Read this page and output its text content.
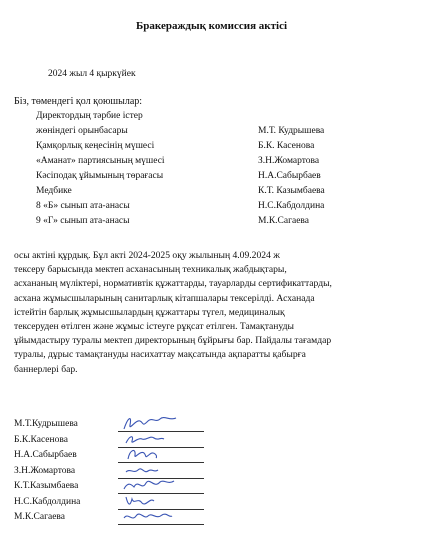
Бракераждық комиссия актісі
2024 жыл 4 қыркүйек
Біз, төмендегі қол қоюшылар:
Директордың тәрбие істер
жөніндегі орынбасары	М.Т. Кудрышева
Қамқорлық кеңесінің мүшесі	Б.К. Касенова
«Аманат» партиясының мүшесі	З.Н.Жомартова
Кәсіподақ ұйымының төрағасы	Н.А.Сабырбаев
Медбике	К.Т. Казымбаева
8 «Б» сынып ата-анасы	Н.С.Кабдолдина
9 «Г» сынып ата-анасы	М.К.Сагаева
осы актіні құрдық. Бұл акті 2024-2025 оқу жылының 4.09.2024 ж
тексеру барысында мектеп асханасының техникалық жабдықтары,
асхананың мүліктері, нормативтік құжаттарды, тауарларды сертификаттарды,
асхана жұмысшыларының санитарлық кітапшалары тексерілді. Асханада
істейтін барлық жұмысшылардың құжаттары түгел, медициналық
тексеруден өтілген және жұмыс істеуге рұқсат етілген. Тамақтануды
ұйымдастыру туралы мектеп директорының бұйрығы бар. Пайдалы тағамдар
туралы, дұрыс тамақтануды насихаттау мақсатында ақпаратты қабырға
баннерлері бар.
М.Т.Кудрышева
Б.К.Касенова
Н.А.Сабырбаев
З.Н.Жомартова
К.Т.Казымбаева
Н.С.Кабдолдина
М.К.Сагаева
